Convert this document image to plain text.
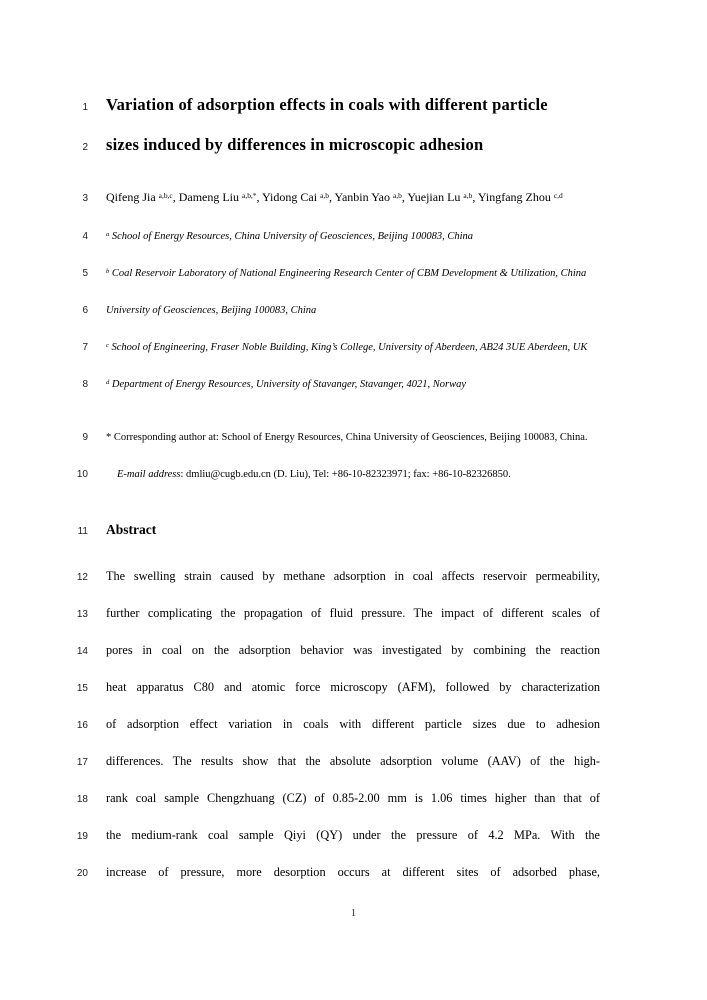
1 Variation of adsorption effects in coals with different particle
2 sizes induced by differences in microscopic adhesion
3 Qifeng Jia $^{a,b,c}$, Dameng Liu $^{a,b,*}$, Yidong Cai $^{a,b}$, Yanbin Yao $^{a,b}$, Yuejian Lu $^{a,b}$, Yingfang Zhou $^{c,d}$
4	$^a$ School of Energy Resources, China University of Geosciences, Beijing 100083, China
5	$^b$ Coal Reservoir Laboratory of National Engineering Research Center of CBM Development & Utilization, China
6 University of Geosciences, Beijing 100083, China
7	$^c$ School of Engineering, Fraser Noble Building, King’s College, University of Aberdeen, AB24 3UE Aberdeen, UK
8	$^d$ Department of Energy Resources, University of Stavanger, Stavanger, 4021, Norway
9 * Corresponding author at: School of Energy Resources, China University of Geosciences, Beijing 100083, China.
10	E-mail address: dmliu@cugb.edu.cn (D. Liu), Tel: +86-10-82323971; fax: +86-10-82326850.
11 Abstract
12 The swelling strain caused by methane adsorption in coal affects reservoir permeability,
13 further complicating the propagation of fluid pressure. The impact of different scales of
14 pores in coal on the adsorption behavior was investigated by combining the reaction
15 heat apparatus C80 and atomic force microscopy (AFM), followed by characterization
16 of adsorption effect variation in coals with different particle sizes due to adhesion
17 differences. The results show that the absolute adsorption volume (AAV) of the high-
18 rank coal sample Chengzhuang (CZ) of 0.85-2.00 mm is 1.06 times higher than that of
19 the medium-rank coal sample Qiyi (QY) under the pressure of 4.2 MPa. With the
20 increase of pressure, more desorption occurs at different sites of adsorbed phase,
1
